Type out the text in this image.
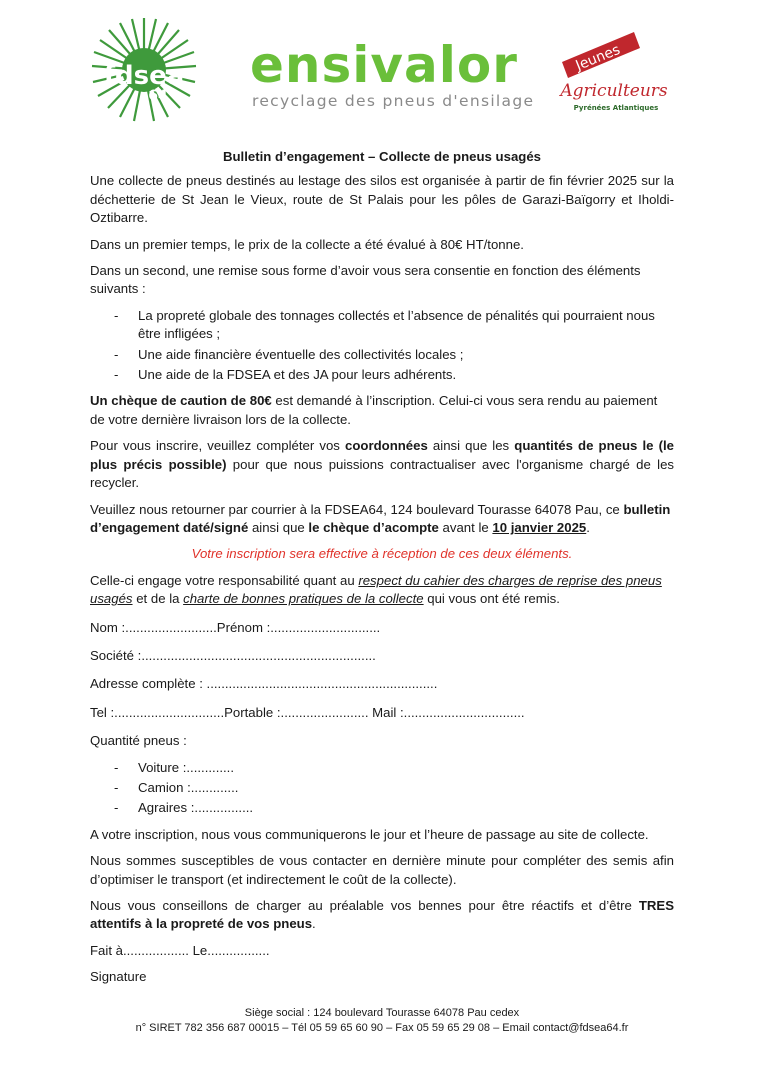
fdsea
64
ensivalor
recyclage des pneus d'ensilage
Jeunes
Agriculteurs
Pyrénées Atlantiques
Bulletin d’engagement – Collecte de pneus usagés

Une collecte de pneus destinés au lestage des silos est organisée à partir de fin février 2025 sur la déchetterie de St Jean le Vieux, route de St Palais pour les pôles de Garazi-Baïgorry et Iholdi-Oztibarre.

Dans un premier temps, le prix de la collecte a été évalué à 80€ HT/tonne.

Dans un second, une remise sous forme d’avoir vous sera consentie en fonction des éléments suivants :

- La propreté globale des tonnages collectés et l’absence de pénalités qui pourraient nous être infligées ;
- Une aide financière éventuelle des collectivités locales ;
- Une aide de la FDSEA et des JA pour leurs adhérents.

Un chèque de caution de 80€ est demandé à l’inscription. Celui-ci vous sera rendu au paiement de votre dernière livraison lors de la collecte.

Pour vous inscrire, veuillez compléter vos coordonnées ainsi que les quantités de pneus le (le plus précis possible) pour que nous puissions contractualiser avec l'organisme chargé de les recycler.

Veuillez nous retourner par courrier à la FDSEA64, 124 boulevard Tourasse 64078 Pau, ce bulletin d’engagement daté/signé ainsi que le chèque d’acompte avant le 10 janvier 2025.

Votre inscription sera effective à réception de ces deux éléments.

Celle-ci engage votre responsabilité quant au respect du cahier des charges de reprise des pneus usagés et de la charte de bonnes pratiques de la collecte qui vous ont été remis.

Nom :.........................Prénom :..............................

Société :................................................................

Adresse complète : ...............................................................

Tel :..............................Portable :........................ Mail :.................................

Quantité pneus :

- Voiture :.............
- Camion :.............
- Agraires :................

A votre inscription, nous vous communiquerons le jour et l’heure de passage au site de collecte.

Nous sommes susceptibles de vous contacter en dernière minute pour compléter des semis afin d’optimiser le transport (et indirectement le coût de la collecte).

Nous vous conseillons de charger au préalable vos bennes pour être réactifs et d’être TRES attentifs à la propreté de vos pneus.

Fait à.................. Le.................

Signature

Siège social : 124 boulevard Tourasse 64078 Pau cedex
n° SIRET 782 356 687 00015 – Tél 05 59 65 60 90 – Fax 05 59 65 29 08 – Email contact@fdsea64.fr
